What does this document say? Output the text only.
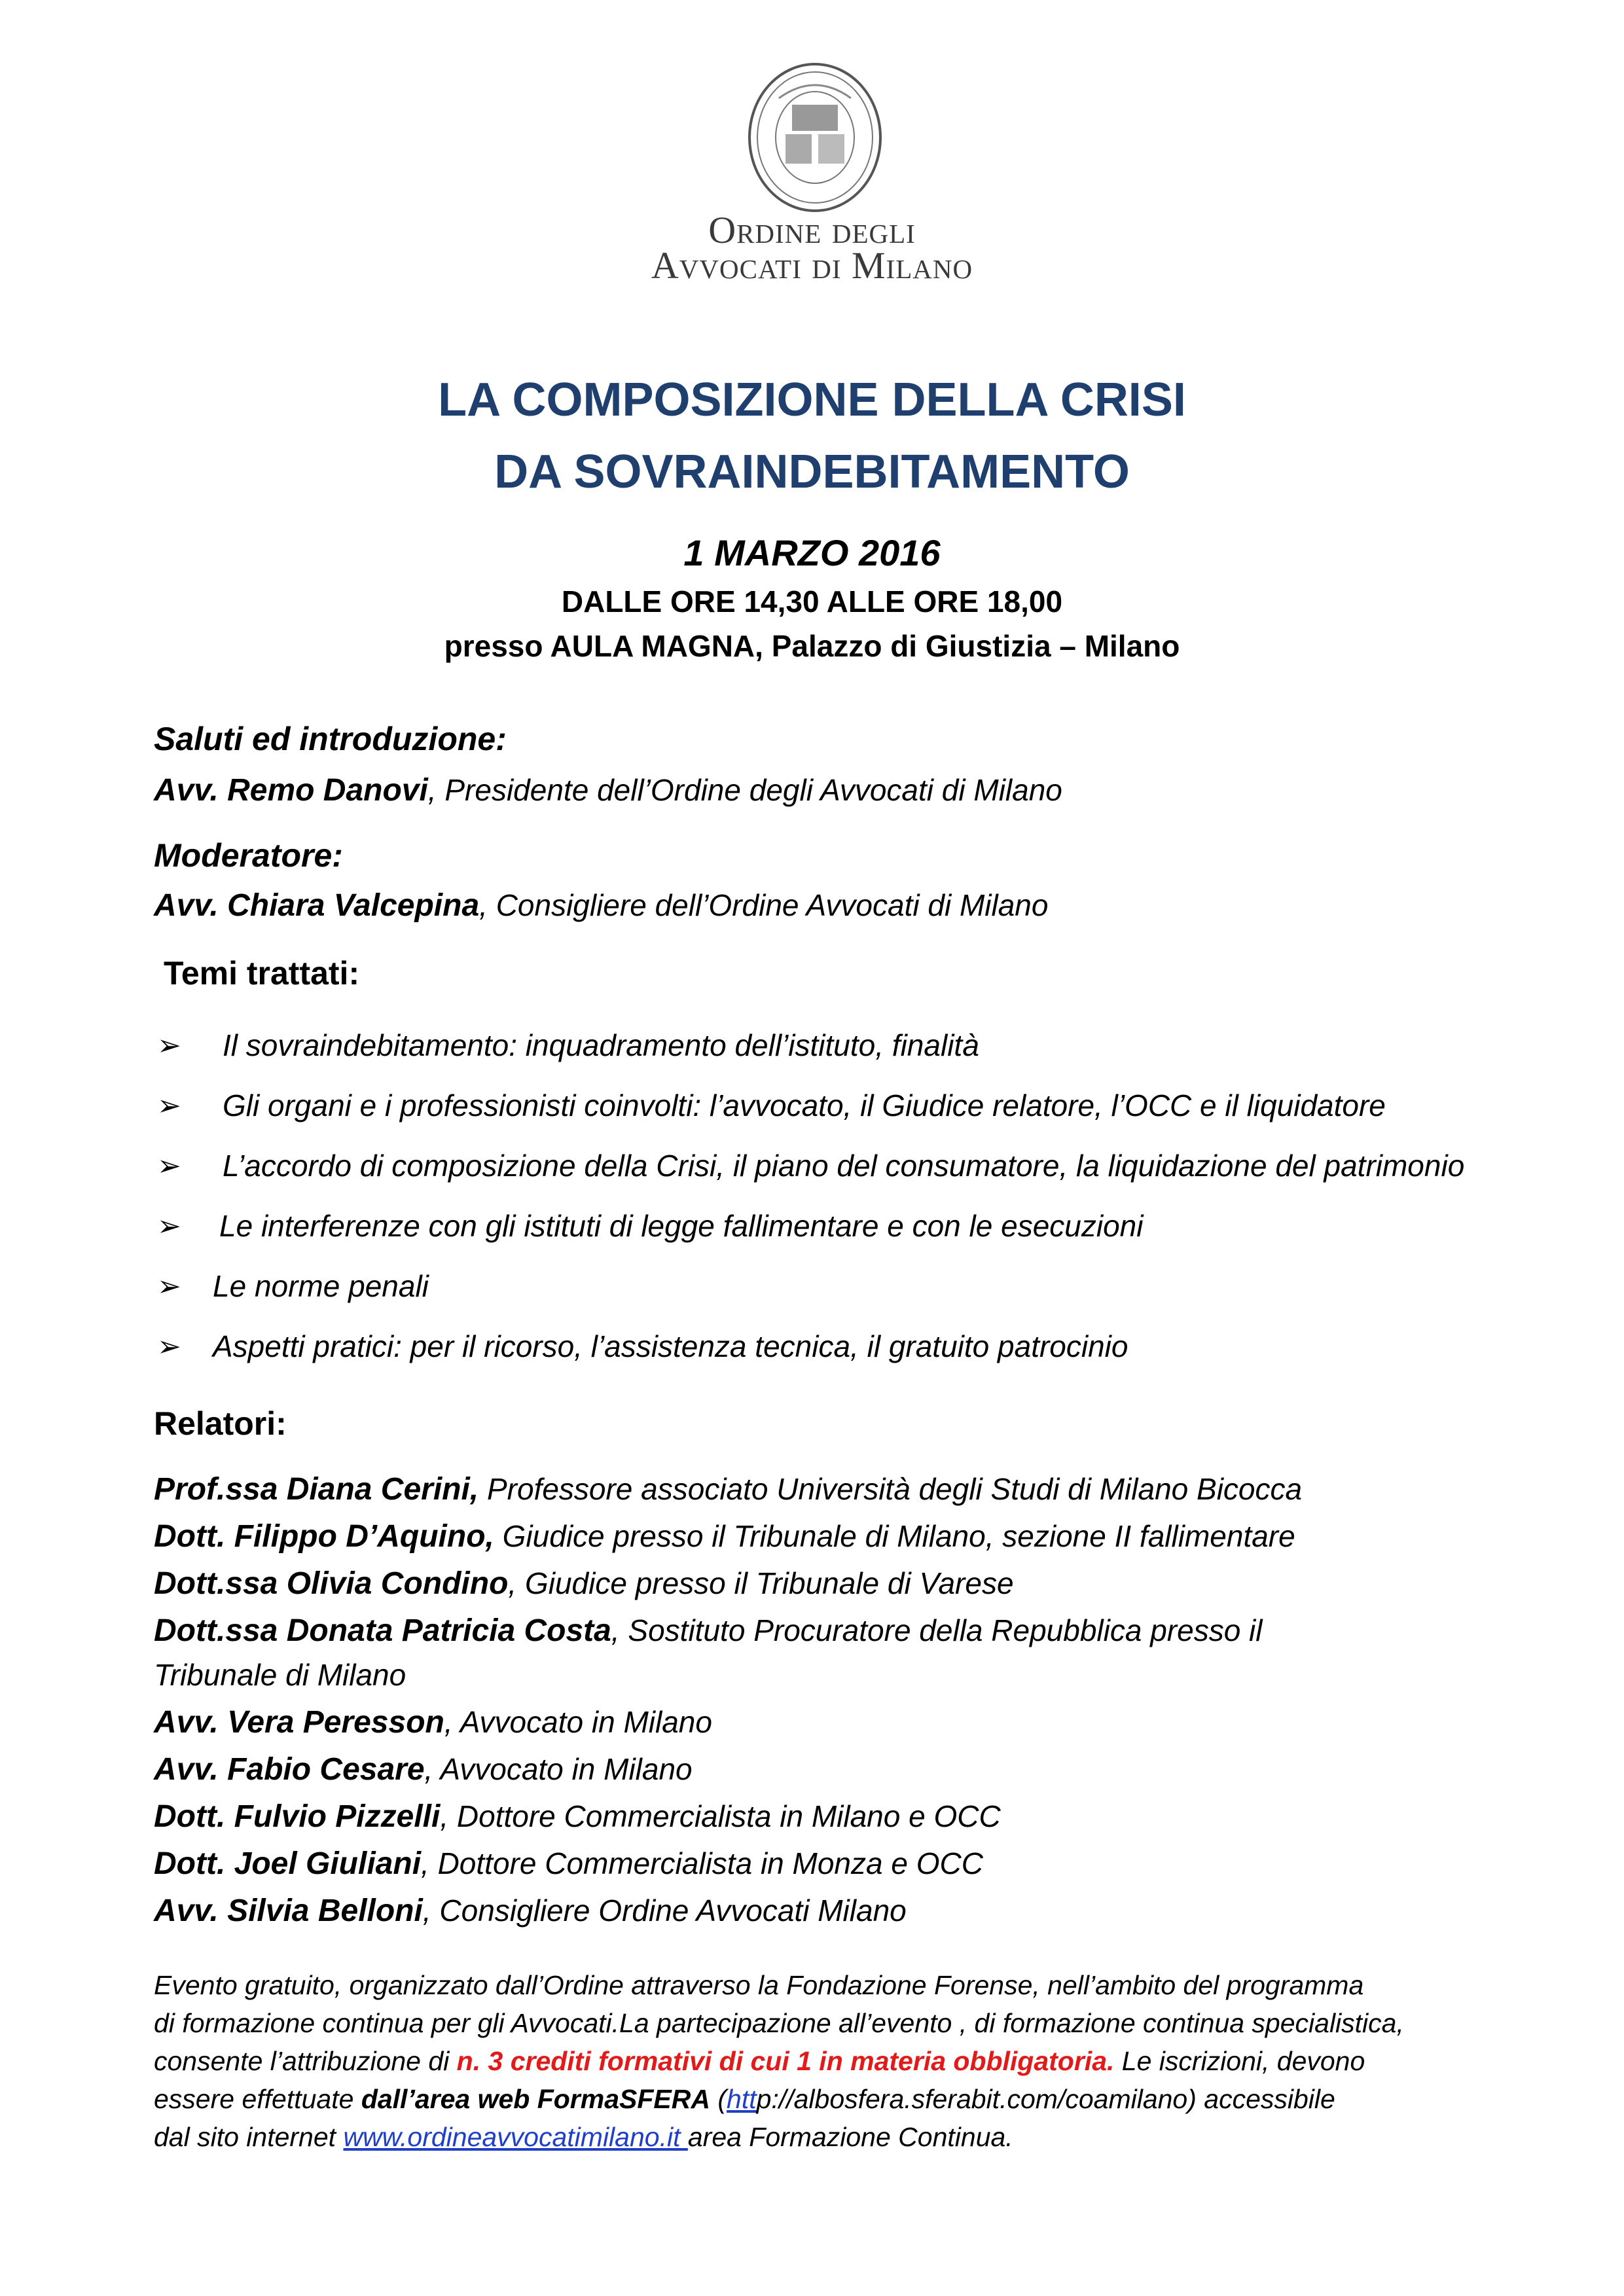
Ordine degli
Avvocati di Milano
LA COMPOSIZIONE DELLA CRISI
DA SOVRAINDEBITAMENTO
1 MARZO 2016
DALLE ORE 14,30 ALLE ORE 18,00
presso AULA MAGNA, Palazzo di Giustizia – Milano
Saluti ed introduzione:
Avv. Remo Danovi, Presidente dell’Ordine degli Avvocati di Milano
Moderatore:
Avv. Chiara Valcepina, Consigliere dell’Ordine Avvocati di Milano
Temi trattati:
➢ Il sovraindebitamento: inquadramento dell’istituto, finalità
➢ Gli organi e i professionisti coinvolti: l’avvocato, il Giudice relatore, l’OCC e il liquidatore
➢ L’accordo di composizione della Crisi, il piano del consumatore, la liquidazione del patrimonio
➢ Le interferenze con gli istituti di legge fallimentare e con le esecuzioni
➢ Le norme penali
➢ Aspetti pratici: per il ricorso, l’assistenza tecnica, il gratuito patrocinio
Relatori:
Prof.ssa Diana Cerini, Professore associato Università degli Studi di Milano Bicocca
Dott. Filippo D’Aquino, Giudice presso il Tribunale di Milano, sezione II fallimentare
Dott.ssa Olivia Condino, Giudice presso il Tribunale di Varese
Dott.ssa Donata Patricia Costa, Sostituto Procuratore della Repubblica presso il
Tribunale di Milano
Avv. Vera Peresson, Avvocato in Milano
Avv. Fabio Cesare, Avvocato in Milano
Dott. Fulvio Pizzelli, Dottore Commercialista in Milano e OCC
Dott. Joel Giuliani, Dottore Commercialista in Monza e OCC
Avv. Silvia Belloni, Consigliere Ordine Avvocati Milano
Evento gratuito, organizzato dall’Ordine attraverso la Fondazione Forense, nell’ambito del programma
di formazione continua per gli Avvocati.La partecipazione all’evento , di formazione continua specialistica,
consente l’attribuzione di n. 3 crediti formativi di cui 1 in materia obbligatoria. Le iscrizioni, devono
essere effettuate dall’area web FormaSFERA (http://albosfera.sferabit.com/coamilano) accessibile
dal sito internet www.ordineavvocatimilano.it area Formazione Continua.
